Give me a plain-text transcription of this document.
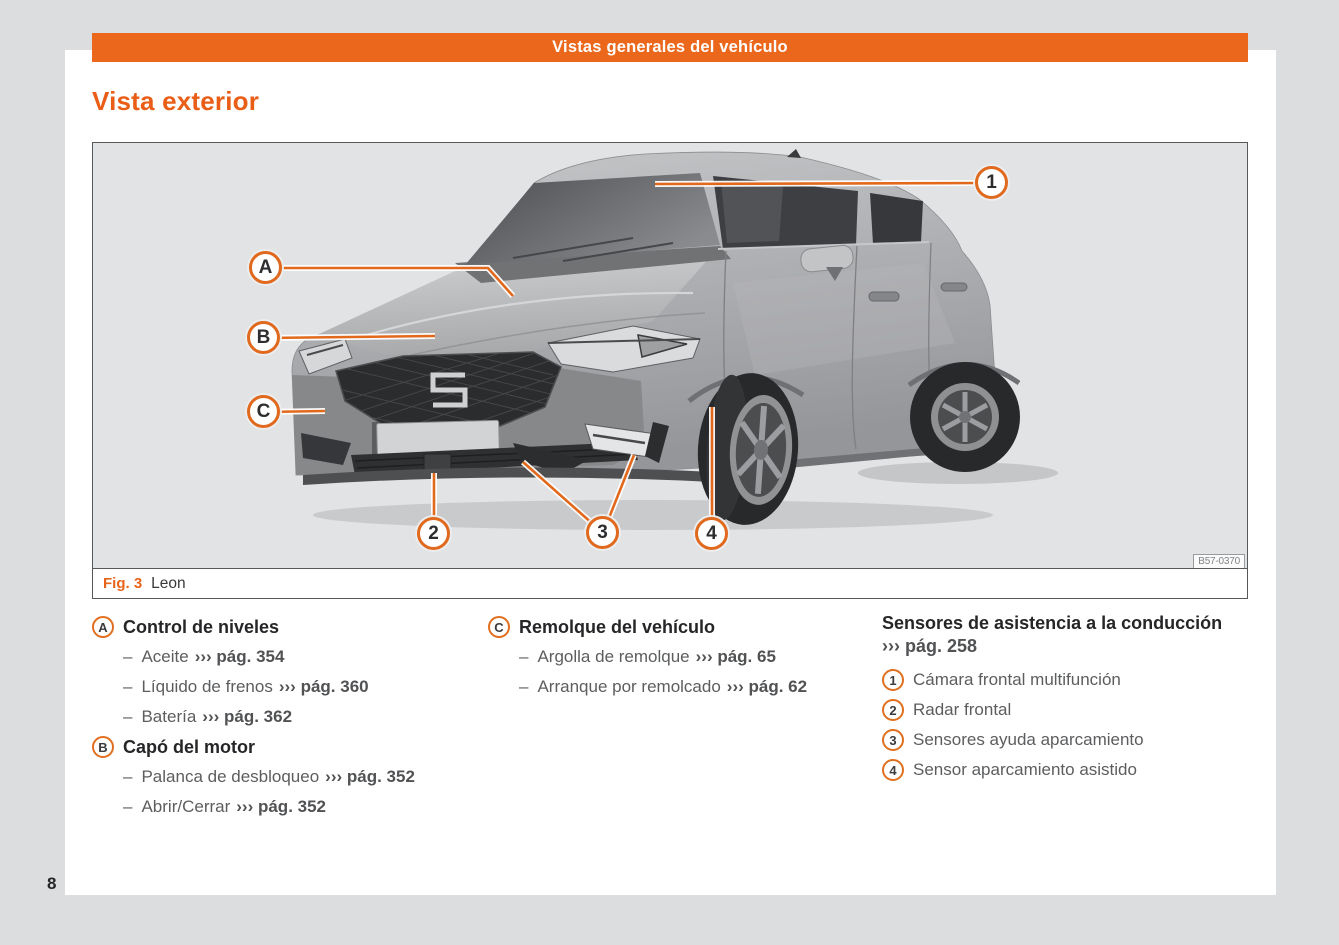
Vistas generales del vehículo
Vista exterior
A
B
C
1
2	3	4
B57-0370
Fig. 3 Leon
A Control de niveles
– Aceite ››› pág. 354
– Líquido de frenos ››› pág. 360
– Batería ››› pág. 362
B Capó del motor
– Palanca de desbloqueo ››› pág. 352
– Abrir/Cerrar ››› pág. 352
C Remolque del vehículo
– Argolla de remolque ››› pág. 65
– Arranque por remolcado ››› pág. 62
Sensores de asistencia a la conducción
››› pág. 258
1 Cámara frontal multifunción
2 Radar frontal
3 Sensores ayuda aparcamiento
4 Sensor aparcamiento asistido
8
